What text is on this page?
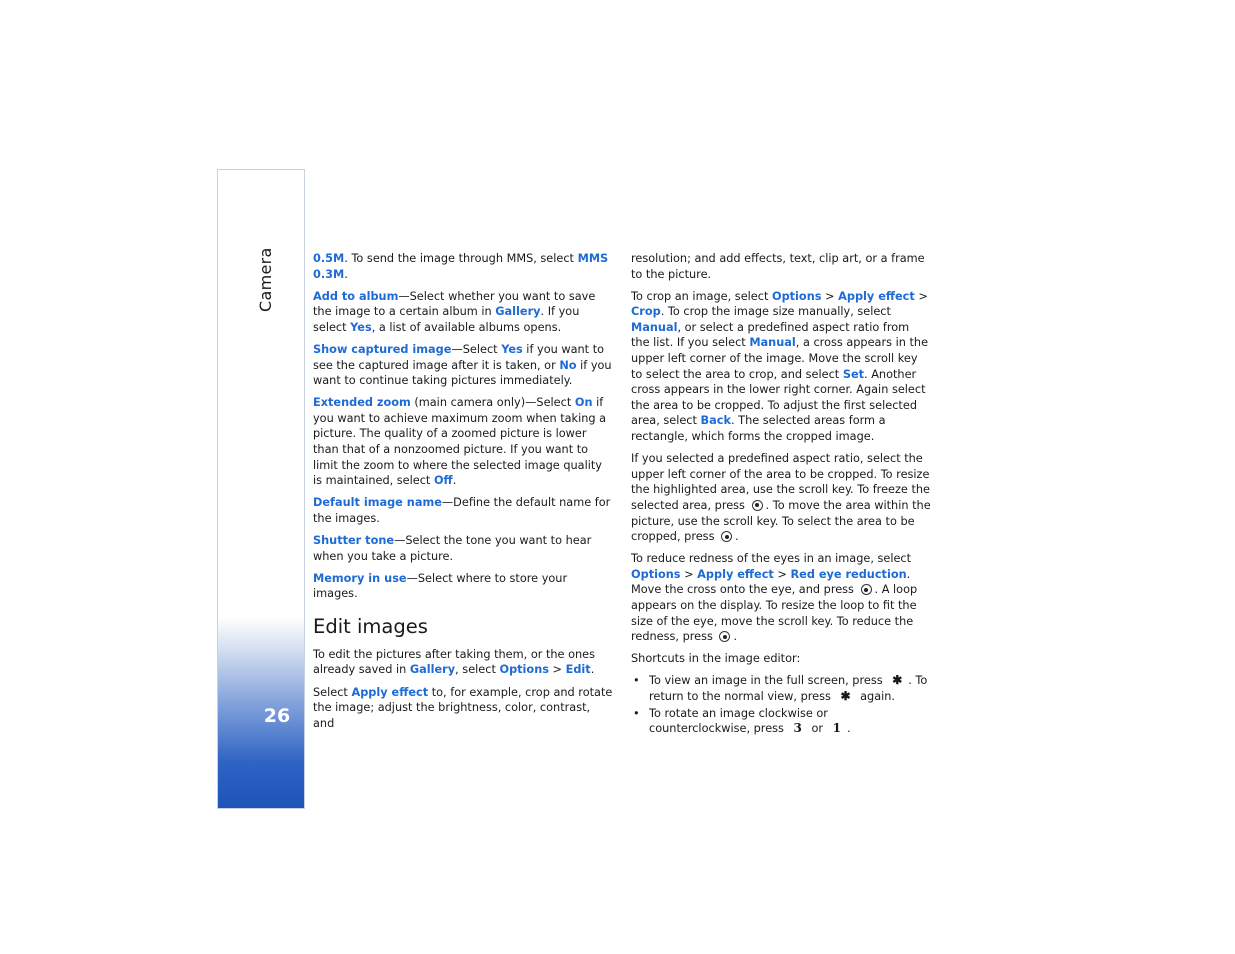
Camera
26

0.5M. To send the image through MMS, select MMS 0.3M.

Add to album—Select whether you want to save the image to a certain album in Gallery. If you select Yes, a list of available albums opens.

Show captured image—Select Yes if you want to see the captured image after it is taken, or No if you want to continue taking pictures immediately.

Extended zoom (main camera only)—Select On if you want to achieve maximum zoom when taking a picture. The quality of a zoomed picture is lower than that of a nonzoomed picture. If you want to limit the zoom to where the selected image quality is maintained, select Off.

Default image name—Define the default name for the images.

Shutter tone—Select the tone you want to hear when you take a picture.

Memory in use—Select where to store your images.

Edit images

To edit the pictures after taking them, or the ones already saved in Gallery, select Options > Edit.

Select Apply effect to, for example, crop and rotate the image; adjust the brightness, color, contrast, and

resolution; and add effects, text, clip art, or a frame to the picture.

To crop an image, select Options > Apply effect > Crop. To crop the image size manually, select Manual, or select a predefined aspect ratio from the list. If you select Manual, a cross appears in the upper left corner of the image. Move the scroll key to select the area to crop, and select Set. Another cross appears in the lower right corner. Again select the area to be cropped. To adjust the first selected area, select Back. The selected areas form a rectangle, which forms the cropped image.

If you selected a predefined aspect ratio, select the upper left corner of the area to be cropped. To resize the highlighted area, use the scroll key. To freeze the selected area, press . To move the area within the picture, use the scroll key. To select the area to be cropped, press .

To reduce redness of the eyes in an image, select Options > Apply effect > Red eye reduction. Move the cross onto the eye, and press . A loop appears on the display. To resize the loop to fit the size of the eye, move the scroll key. To reduce the redness, press .

Shortcuts in the image editor:

• To view an image in the full screen, press ✱ . To return to the normal view, press ✱ again.
• To rotate an image clockwise or counterclockwise, press 3 or 1 .
